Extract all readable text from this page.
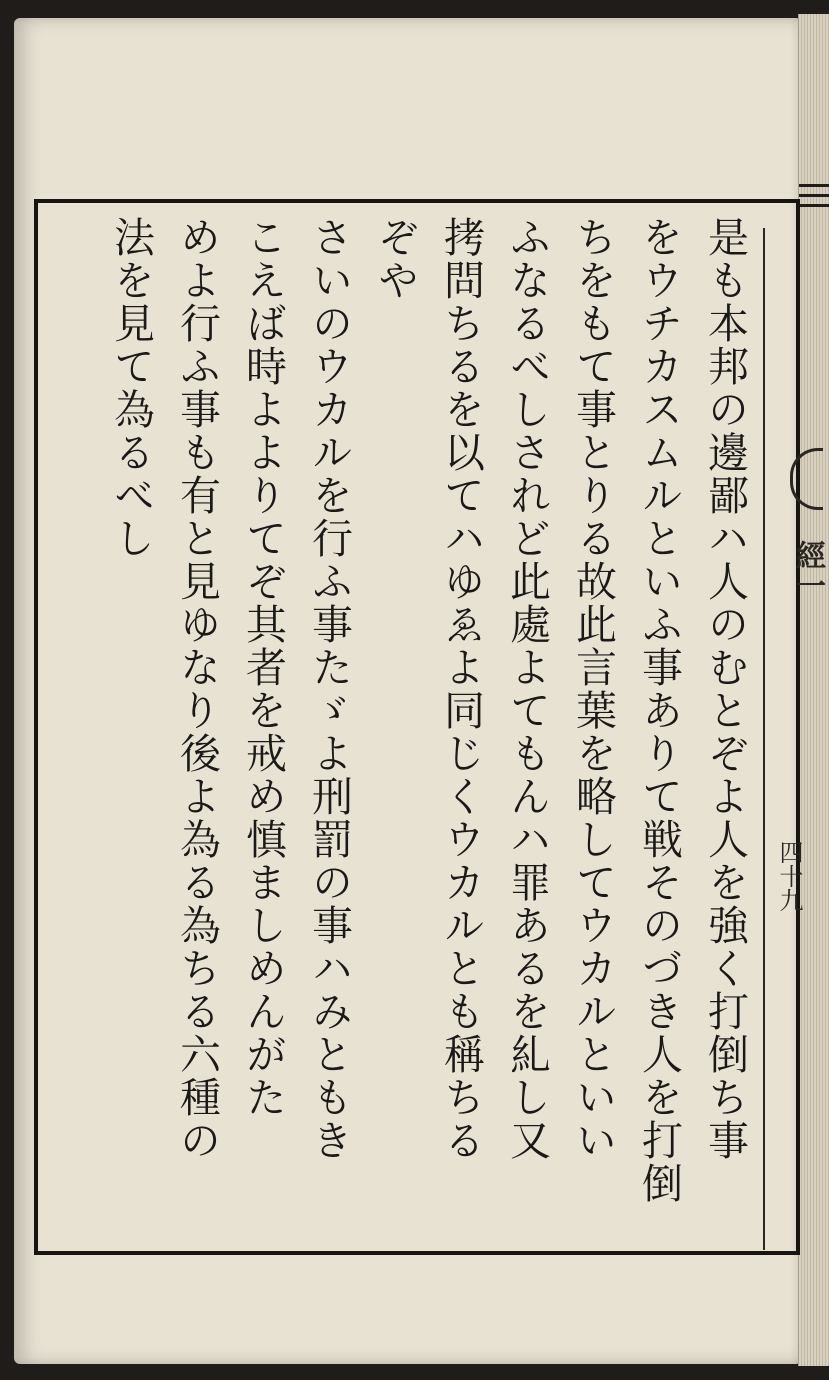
是も本邦の邊鄙ハ人のむとぞよ人を強く打倒ち事

をウチカスムルといふ事ありて戦そのづき人を打倒

ちをもて事とりる故此言葉を略してウカルといい

ふなるべしされど此處よてもんハ罪あるを糺し又

拷問ちるを以てハゆゑよ同じくウカルとも稱ちる

ぞや

さいのウカルを行ふ事たゞよ刑罰の事ハみともき

こえば時よよりてぞ其者を戒め慎ましめんがた

めよ行ふ事も有と見ゆなり後よ為る為ちる六種の

法を見て為るべし

經一
四十九
